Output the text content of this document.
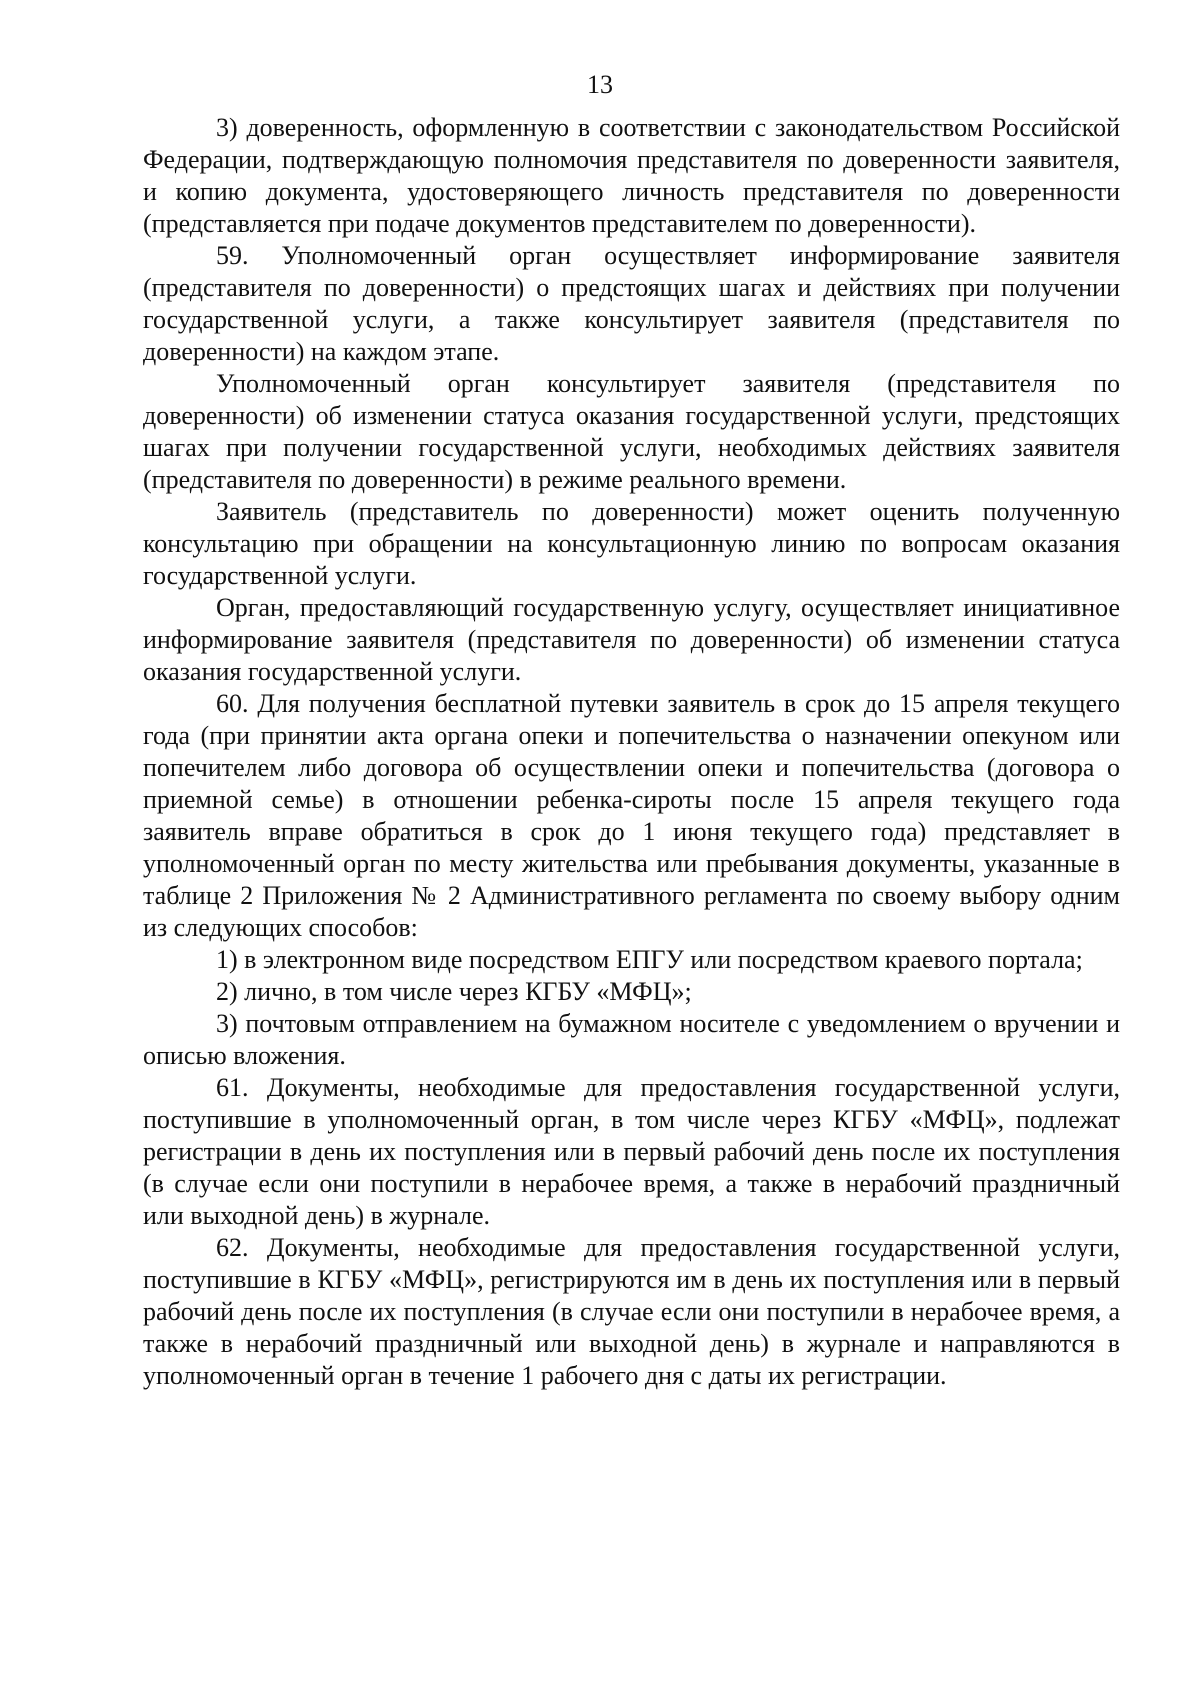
13

3) доверенность, оформленную в соответствии с законодательством Российской Федерации, подтверждающую полномочия представителя по доверенности заявителя, и копию документа, удостоверяющего личность представителя по доверенности (представляется при подаче документов представителем по доверенности).

59. Уполномоченный орган осуществляет информирование заявителя (представителя по доверенности) о предстоящих шагах и действиях при получении государственной услуги, а также консультирует заявителя (представителя по доверенности) на каждом этапе.

Уполномоченный орган консультирует заявителя (представителя по доверенности) об изменении статуса оказания государственной услуги, предстоящих шагах при получении государственной услуги, необходимых действиях заявителя (представителя по доверенности) в режиме реального времени.

Заявитель (представитель по доверенности) может оценить полученную консультацию при обращении на консультационную линию по вопросам оказания государственной услуги.

Орган, предоставляющий государственную услугу, осуществляет инициативное информирование заявителя (представителя по доверенности) об изменении статуса оказания государственной услуги.

60. Для получения бесплатной путевки заявитель в срок до 15 апреля текущего года (при принятии акта органа опеки и попечительства о назначении опекуном или попечителем либо договора об осуществлении опеки и попечительства (договора о приемной семье) в отношении ребенка-сироты после 15 апреля текущего года заявитель вправе обратиться в срок до 1 июня текущего года) представляет в уполномоченный орган по месту жительства или пребывания документы, указанные в таблице 2 Приложения № 2 Административного регламента по своему выбору одним из следующих способов:

1) в электронном виде посредством ЕПГУ или посредством краевого портала;

2) лично, в том числе через КГБУ «МФЦ»;

3) почтовым отправлением на бумажном носителе с уведомлением о вручении и описью вложения.

61. Документы, необходимые для предоставления государственной услуги, поступившие в уполномоченный орган, в том числе через КГБУ «МФЦ», подлежат регистрации в день их поступления или в первый рабочий день после их поступления (в случае если они поступили в нерабочее время, а также в нерабочий праздничный или выходной день) в журнале.

62. Документы, необходимые для предоставления государственной услуги, поступившие в КГБУ «МФЦ», регистрируются им в день их поступления или в первый рабочий день после их поступления (в случае если они поступили в нерабочее время, а также в нерабочий праздничный или выходной день) в журнале и направляются в уполномоченный орган в течение 1 рабочего дня с даты их регистрации.
